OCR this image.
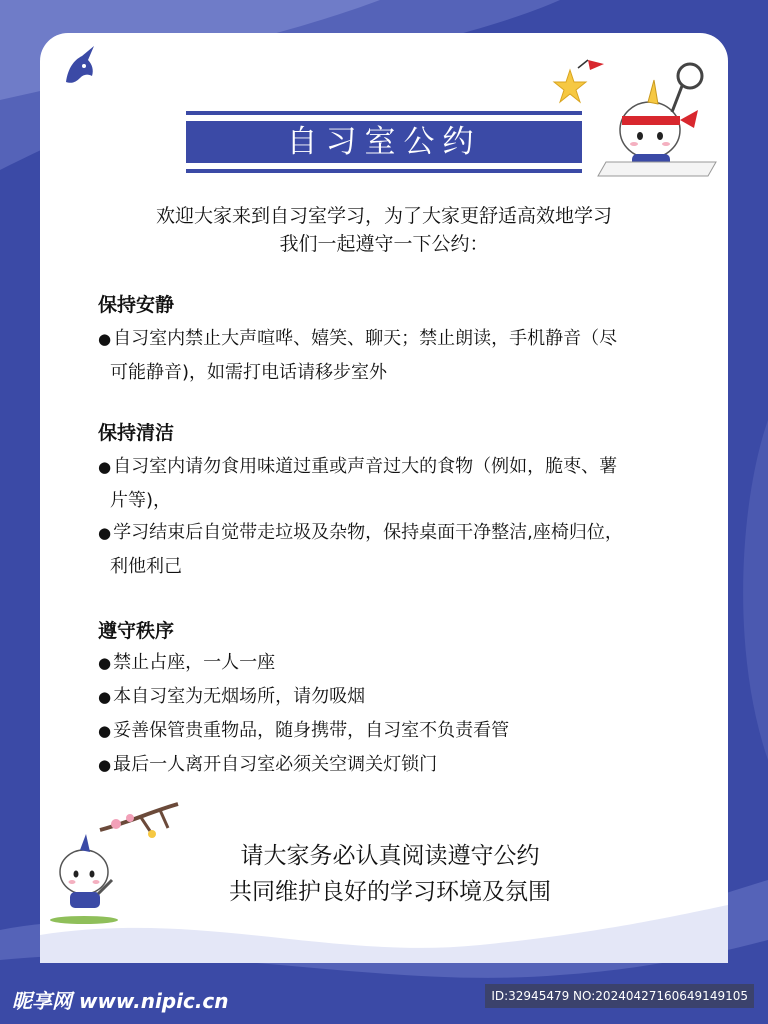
研途
自习室公约
欢迎大家来到自习室学习，为了大家更舒适高效地学习
我们一起遵守一下公约：
保持安静
● 自习室内禁止大声喧哗、嬉笑、聊天；禁止朗读，手机静音（尽
可能静音)，如需打电话请移步室外
保持清洁
● 自习室内请勿食用味道过重或声音过大的食物（例如，脆枣、薯
片等)，
● 学习结束后自觉带走垃圾及杂物，保持桌面干净整洁,座椅归位，
利他利己
遵守秩序
● 禁止占座，一人一座
● 本自习室为无烟场所，请勿吸烟
● 妥善保管贵重物品，随身携带，自习室不负责看管
● 最后一人离开自习室必须关空调关灯锁门
请大家务必认真阅读遵守公约
共同维护良好的学习环境及氛围
昵享网 www.nipic.cn	ID:32945479 NO:20240427160649149105
